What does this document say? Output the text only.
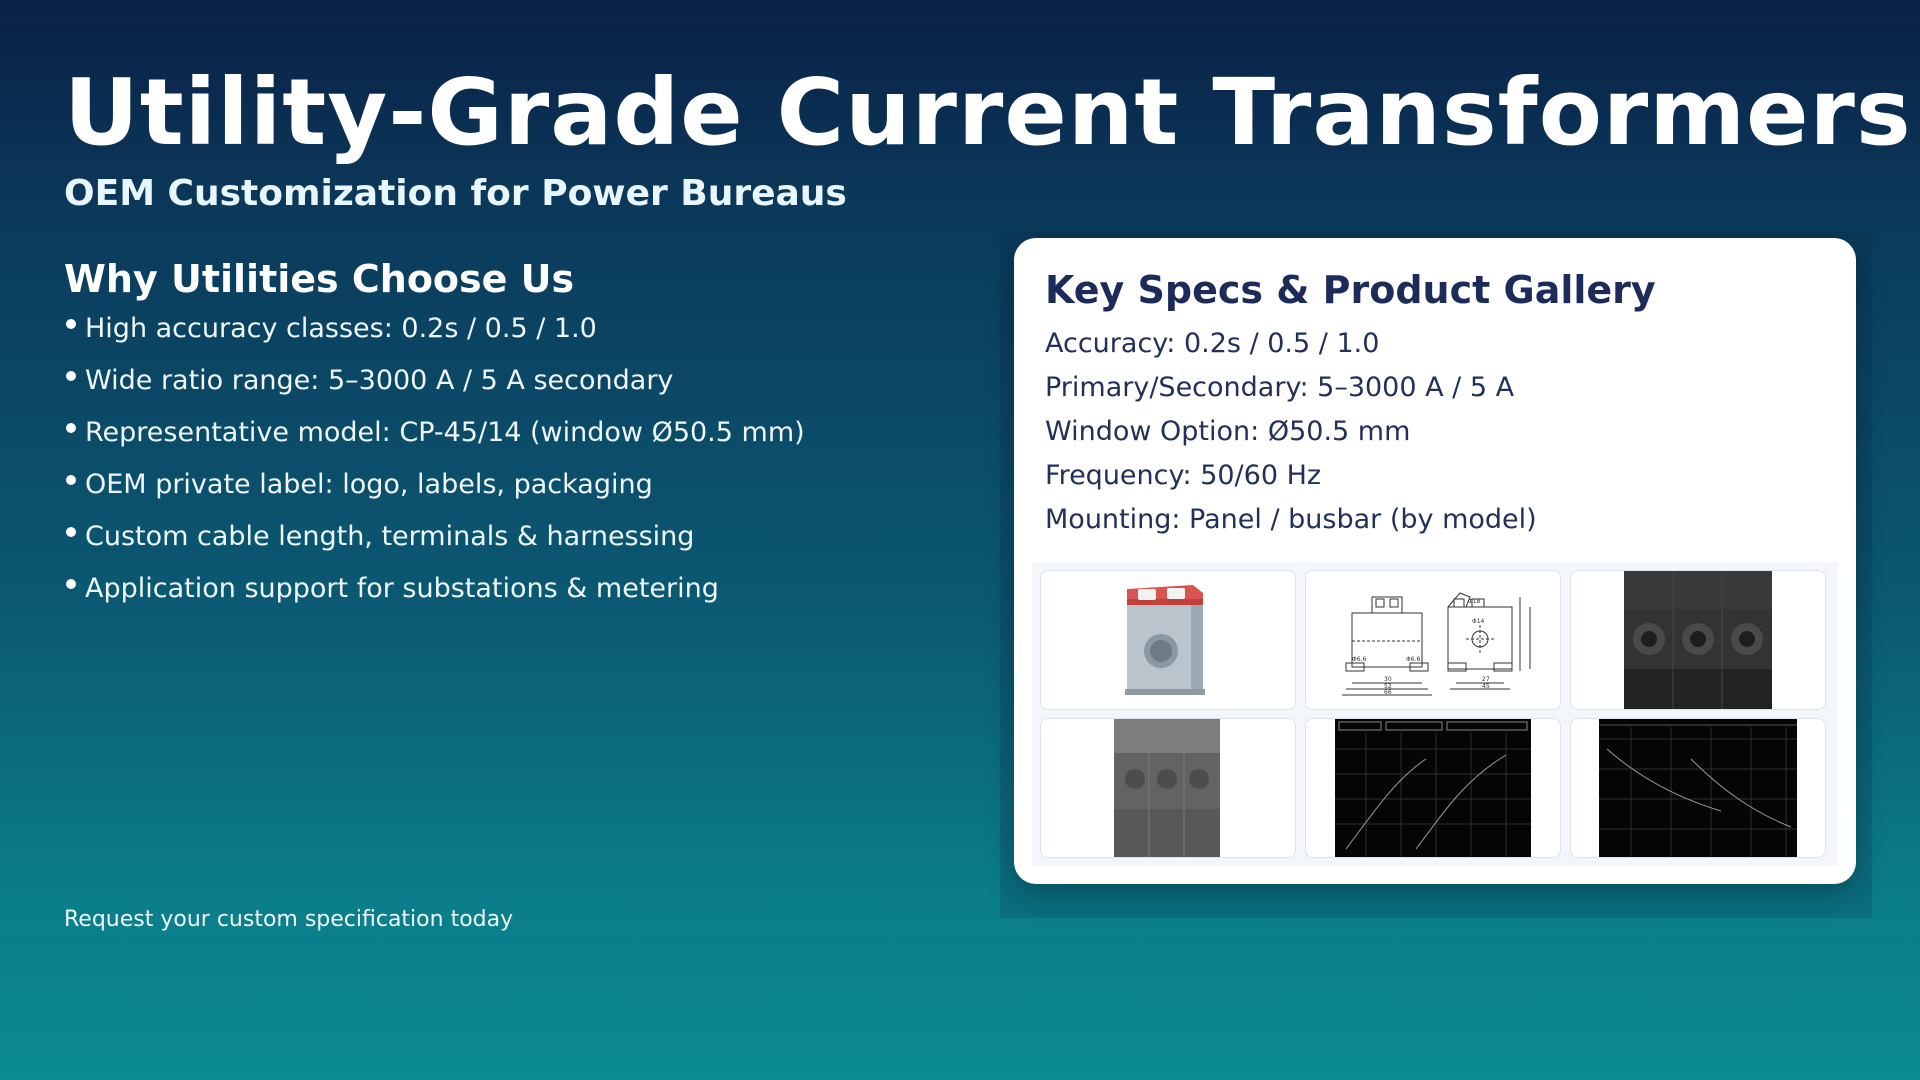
Utility-Grade Current Transformers
OEM Customization for Power Bureaus
Why Utilities Choose Us
High accuracy classes: 0.2s / 0.5 / 1.0
Wide ratio range: 5–3000 A / 5 A secondary
Representative model: CP-45/14 (window Ø50.5 mm)
OEM private label: logo, labels, packaging
Custom cable length, terminals & harnessing
Application support for substations & metering

Request your custom specification today

Key Specs & Product Gallery
Accuracy: 0.2s / 0.5 / 1.0
Primary/Secondary: 5–3000 A / 5 A
Window Option: Ø50.5 mm
Frequency: 50/60 Hz
Mounting: Panel / busbar (by model)
Φ6.6	Φ6.6
30
52
66
Φ18
Φ14
27
45
